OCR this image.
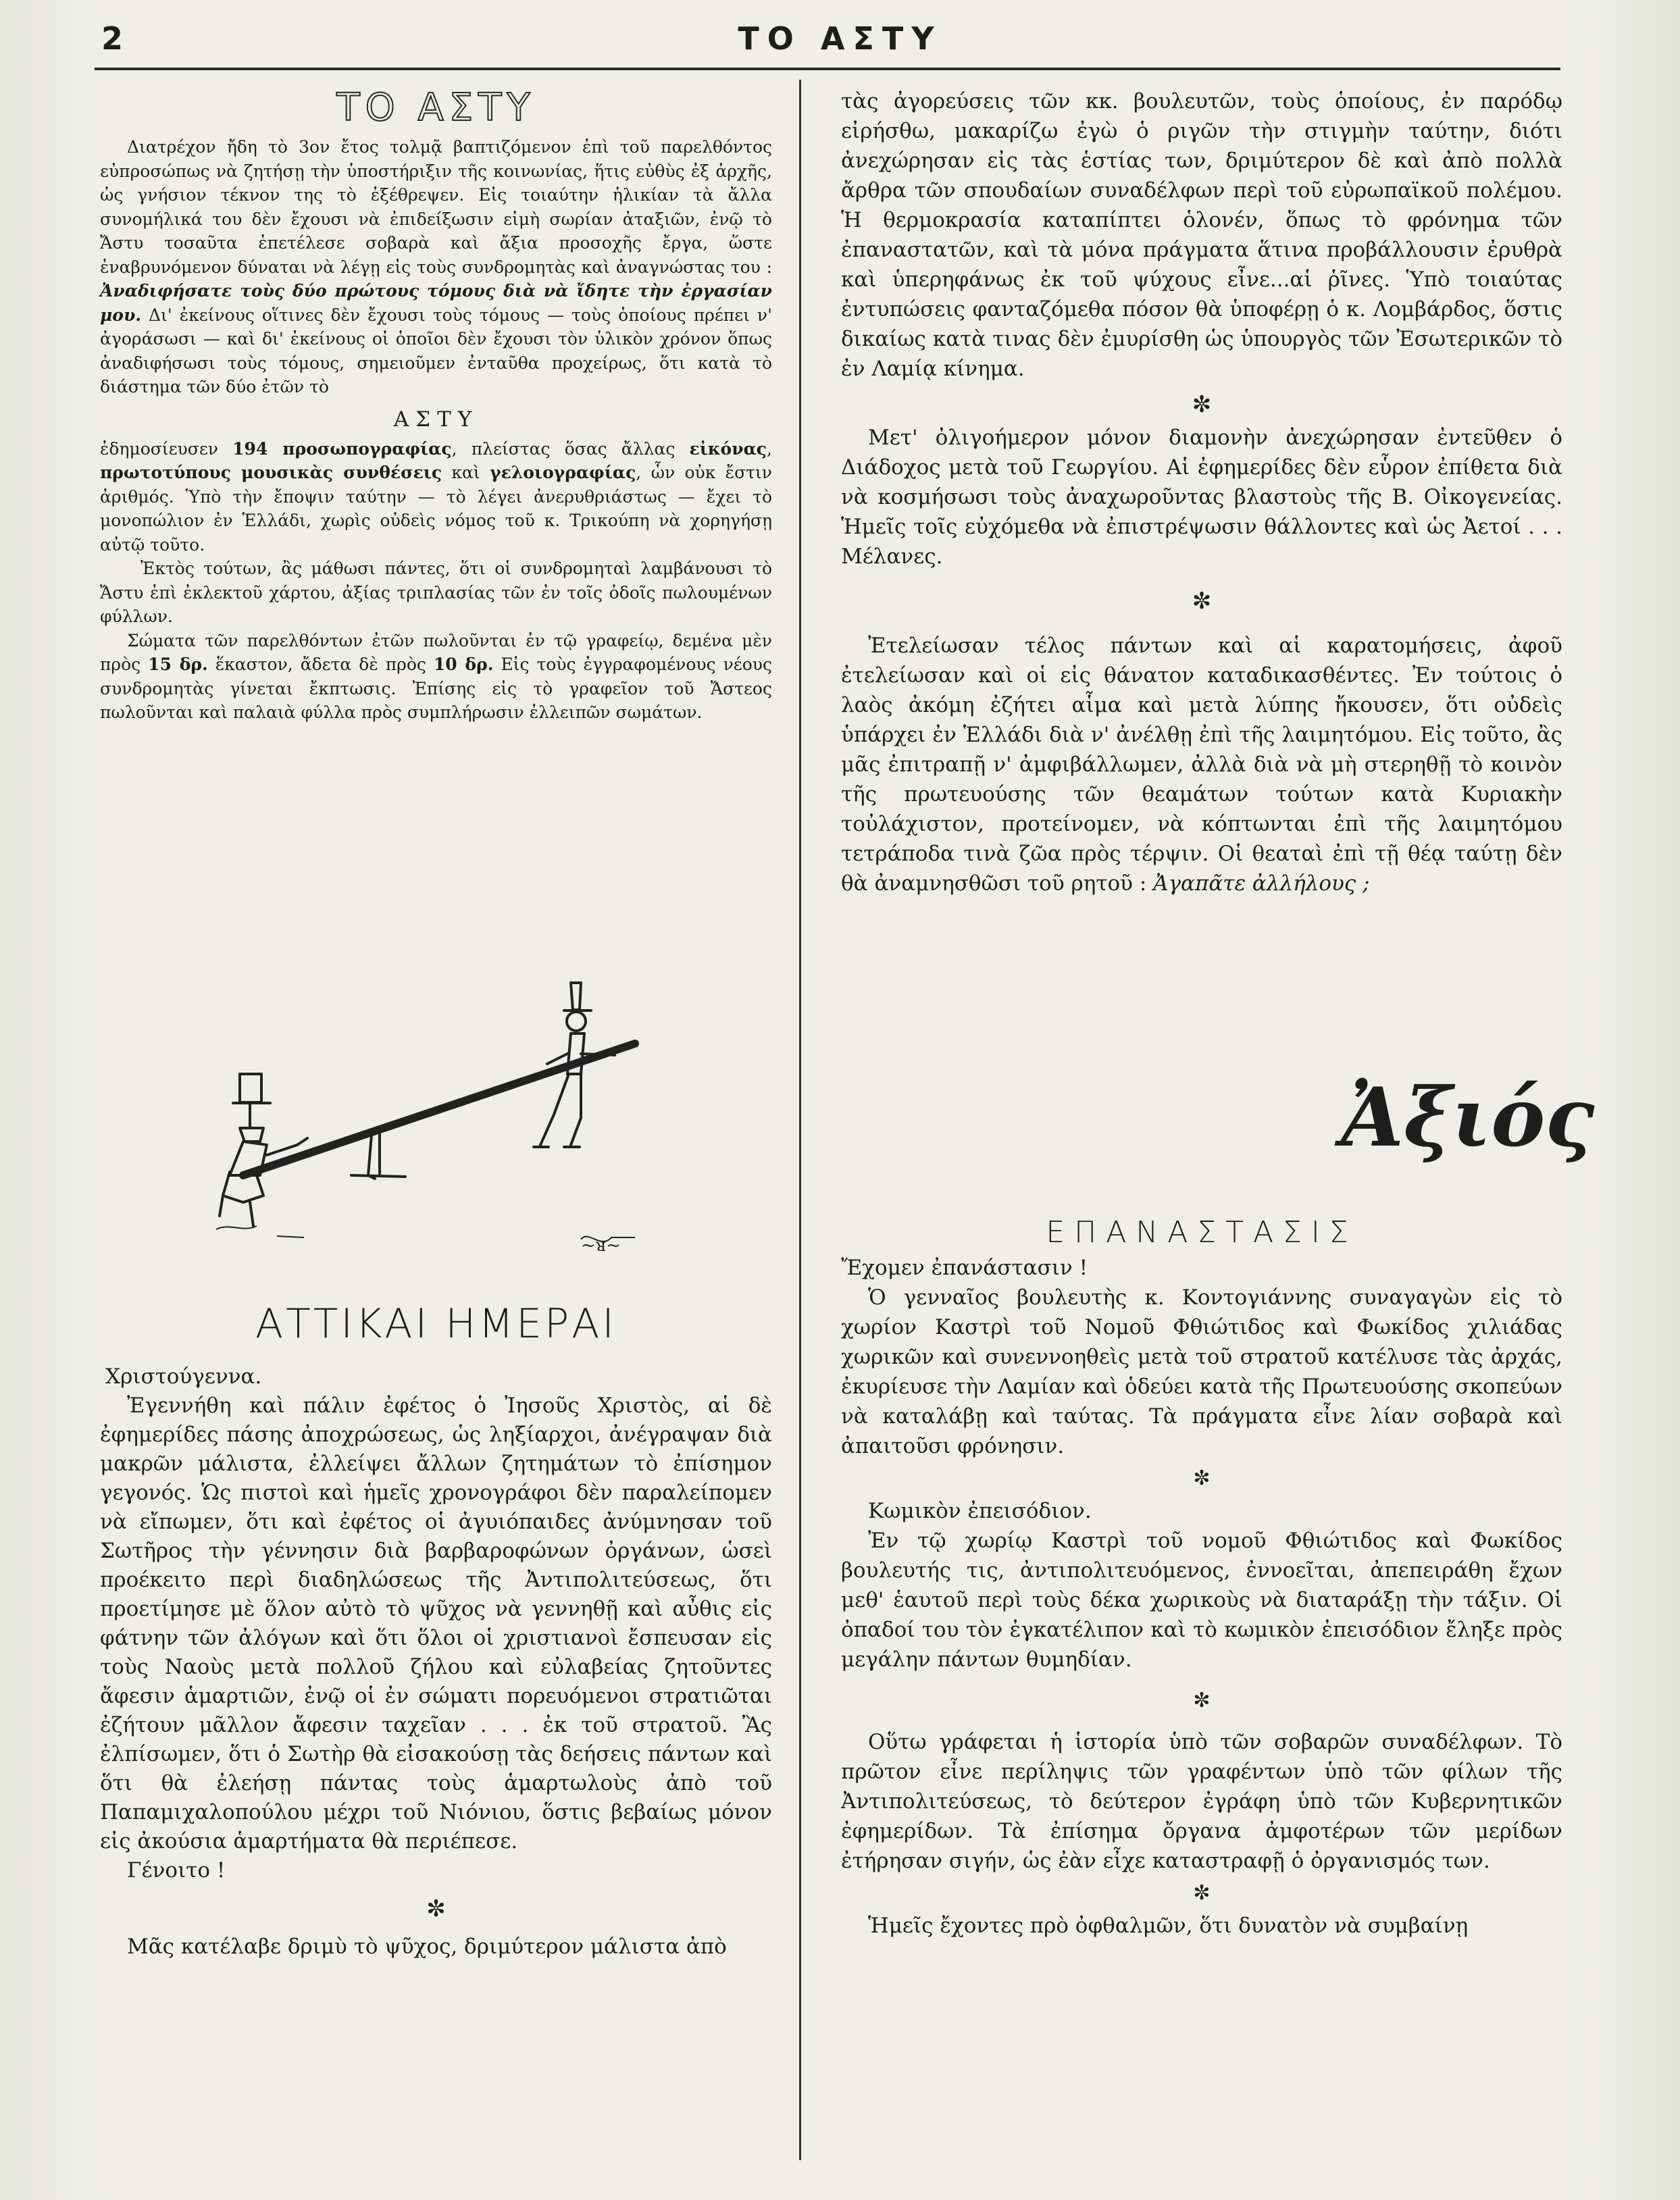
2	ΤΟ ΑΣΤΥ
ΤΟ ΑΣΤΥ

Διατρέχον ἤδη τὸ 3ον ἔτος τολμᾷ βαπτιζόμενον ἐπὶ τοῦ παρελθόντος εὐπροσώπως νὰ ζητήσῃ τὴν ὑποστήριξιν τῆς κοινωνίας, ἥτις εὐθὺς ἐξ ἀρχῆς, ὡς γνήσιον τέκνον της τὸ ἐξέθρεψεν. Εἰς τοιαύτην ἡλικίαν τὰ ἄλλα συνομήλικά του δὲν ἔχουσι νὰ ἐπιδείξωσιν εἰμὴ σωρίαν ἀταξιῶν, ἐνῷ τὸ Ἄστυ τοσαῦτα ἐπετέλεσε σοβαρὰ καὶ ἄξια προσοχῆς ἔργα, ὥστε ἐναβρυνόμενον δύναται νὰ λέγῃ εἰς τοὺς συνδρομητὰς καὶ ἀναγνώστας του : Ἀναδιφήσατε τοὺς δύο πρώτους τόμους διὰ νὰ ἴδητε τὴν ἐργασίαν μου. Δι' ἐκείνους οἵτινες δὲν ἔχουσι τοὺς τόμους — τοὺς ὁποίους πρέπει ν' ἀγοράσωσι — καὶ δι' ἐκείνους οἱ ὁποῖοι δὲν ἔχουσι τὸν ὑλικὸν χρόνον ὅπως ἀναδιφήσωσι τοὺς τόμους, σημειοῦμεν ἐνταῦθα προχείρως, ὅτι κατὰ τὸ διάστημα τῶν δύο ἐτῶν τὸ

ΑΣΤΥ

ἐδημοσίευσεν 194 προσωπογραφίας, πλείστας ὅσας ἄλλας εἰκόνας, πρωτοτύπους μουσικὰς συνθέσεις καὶ γελοιογραφίας, ὧν οὐκ ἔστιν ἀριθμός. Ὑπὸ τὴν ἔποψιν ταύτην — τὸ λέγει ἀνερυθριάστως — ἔχει τὸ μονοπώλιον ἐν Ἑλλάδι, χωρὶς οὐδεὶς νόμος τοῦ κ. Τρικούπη νὰ χορηγήσῃ αὐτῷ τοῦτο.

Ἐκτὸς τούτων, ἂς μάθωσι πάντες, ὅτι οἱ συνδρομηταὶ λαμβάνουσι τὸ Ἄστυ ἐπὶ ἐκλεκτοῦ χάρτου, ἀξίας τριπλασίας τῶν ἐν τοῖς ὁδοῖς πωλουμένων φύλλων.

Σώματα τῶν παρελθόντων ἐτῶν πωλοῦνται ἐν τῷ γραφείῳ, δεμένα μὲν πρὸς 15 δρ. ἕκαστον, ἄδετα δὲ πρὸς 10 δρ. Εἰς τοὺς ἐγγραφομένους νέους συνδρομητὰς γίνεται ἔκπτωσις. Ἐπίσης εἰς τὸ γραφεῖον τοῦ Ἄστεος πωλοῦνται καὶ παλαιὰ φύλλα πρὸς συμπλήρωσιν ἐλλειπῶν σωμάτων.

~ᴚ~
ΑΤΤΙΚΑΙ ΗΜΕΡΑΙ

Χριστούγεννα.

Ἐγεννήθη καὶ πάλιν ἐφέτος ὁ Ἰησοῦς Χριστὸς, αἱ δὲ ἐφημερίδες πάσης ἀποχρώσεως, ὡς ληξίαρχοι, ἀνέγραψαν διὰ μακρῶν μάλιστα, ἐλλείψει ἄλλων ζητημάτων τὸ ἐπίσημον γεγονός. Ὡς πιστοὶ καὶ ἡμεῖς χρονογράφοι δὲν παραλείπομεν νὰ εἴπωμεν, ὅτι καὶ ἐφέτος οἱ ἀγυιόπαιδες ἀνύμνησαν τοῦ Σωτῆρος τὴν γέννησιν διὰ βαρβαροφώνων ὀργάνων, ὡσεὶ προέκειτο περὶ διαδηλώσεως τῆς Ἀντιπολιτεύσεως, ὅτι προετίμησε μὲ ὅλον αὐτὸ τὸ ψῦχος νὰ γεννηθῇ καὶ αὖθις εἰς φάτνην τῶν ἀλόγων καὶ ὅτι ὅλοι οἱ χριστιανοὶ ἔσπευσαν εἰς τοὺς Ναοὺς μετὰ πολλοῦ ζήλου καὶ εὐλαβείας ζητοῦντες ἄφεσιν ἁμαρτιῶν, ἐνῷ οἱ ἐν σώματι πορευόμενοι στρατιῶται ἐζήτουν μᾶλλον ἄφεσιν ταχεῖαν . . . ἐκ τοῦ στρατοῦ. Ἂς ἐλπίσωμεν, ὅτι ὁ Σωτὴρ θὰ εἰσακούσῃ τὰς δεήσεις πάντων καὶ ὅτι θὰ ἐλεήσῃ πάντας τοὺς ἁμαρτωλοὺς ἀπὸ τοῦ Παπαμιχαλοπούλου μέχρι τοῦ Νιόνιου, ὅστις βεβαίως μόνον εἰς ἀκούσια ἁμαρτήματα θὰ περιέπεσε.

Γένοιτο !

✼

Μᾶς κατέλαβε δριμὺ τὸ ψῦχος, δριμύτερον μάλιστα ἀπὸ

τὰς ἀγορεύσεις τῶν κκ. βουλευτῶν, τοὺς ὁποίους, ἐν παρόδῳ εἰρήσθω, μακαρίζω ἐγὼ ὁ ριγῶν τὴν στιγμὴν ταύτην, διότι ἀνεχώρησαν εἰς τὰς ἑστίας των, δριμύτερον δὲ καὶ ἀπὸ πολλὰ ἄρθρα τῶν σπουδαίων συναδέλφων περὶ τοῦ εὐρωπαϊκοῦ πολέμου. Ἡ θερμοκρασία καταπίπτει ὁλονέν, ὅπως τὸ φρόνημα τῶν ἐπαναστατῶν, καὶ τὰ μόνα πράγματα ἅτινα προβάλλουσιν ἐρυθρὰ καὶ ὑπερηφάνως ἐκ τοῦ ψύχους εἶνε...αἱ ῥῖνες. Ὑπὸ τοιαύτας ἐντυπώσεις φανταζόμεθα πόσον θὰ ὑποφέρῃ ὁ κ. Λομβάρδος, ὅστις δικαίως κατὰ τινας δὲν ἐμυρίσθη ὡς ὑπουργὸς τῶν Ἐσωτερικῶν τὸ ἐν Λαμίᾳ κίνημα.

✼

Μετ' ὀλιγοήμερον μόνον διαμονὴν ἀνεχώρησαν ἐντεῦθεν ὁ Διάδοχος μετὰ τοῦ Γεωργίου. Αἱ ἐφημερίδες δὲν εὗρον ἐπίθετα διὰ νὰ κοσμήσωσι τοὺς ἀναχωροῦντας βλαστοὺς τῆς Β. Οἰκογενείας. Ἡμεῖς τοῖς εὐχόμεθα νὰ ἐπιστρέψωσιν θάλλοντες καὶ ὡς Ἀετοί . . . Μέλανες.

✼

Ἐτελείωσαν τέλος πάντων καὶ αἱ καρατομήσεις, ἀφοῦ ἐτελείωσαν καὶ οἱ εἰς θάνατον καταδικασθέντες. Ἐν τούτοις ὁ λαὸς ἀκόμη ἐζήτει αἷμα καὶ μετὰ λύπης ἤκουσεν, ὅτι οὐδεὶς ὑπάρχει ἐν Ἑλλάδι διὰ ν' ἀνέλθῃ ἐπὶ τῆς λαιμητόμου. Εἰς τοῦτο, ἂς μᾶς ἐπιτραπῇ ν' ἀμφιβάλλωμεν, ἀλλὰ διὰ νὰ μὴ στερηθῇ τὸ κοινὸν τῆς πρωτευούσης τῶν θεαμάτων τούτων κατὰ Κυριακὴν τοὐλάχιστον, προτείνομεν, νὰ κόπτωνται ἐπὶ τῆς λαιμητόμου τετράποδα τινὰ ζῶα πρὸς τέρψιν. Οἱ θεαταὶ ἐπὶ τῇ θέᾳ ταύτῃ δὲν θὰ ἀναμνησθῶσι τοῦ ρητοῦ : Ἀγαπᾶτε ἀλλήλους ;

Ἀξιός
ΕΠΑΝΑΣΤΑΣΙΣ

Ἔχομεν ἐπανάστασιν !

Ὁ γενναῖος βουλευτὴς κ. Κοντογιάννης συναγαγὼν εἰς τὸ χωρίον Καστρὶ τοῦ Νομοῦ Φθιώτιδος καὶ Φωκίδος χιλιάδας χωρικῶν καὶ συνεννοηθεὶς μετὰ τοῦ στρατοῦ κατέλυσε τὰς ἀρχάς, ἐκυρίευσε τὴν Λαμίαν καὶ ὁδεύει κατὰ τῆς Πρωτευούσης σκοπεύων νὰ καταλάβῃ καὶ ταύτας. Τὰ πράγματα εἶνε λίαν σοβαρὰ καὶ ἀπαιτοῦσι φρόνησιν.

✼

Κωμικὸν ἐπεισόδιον.

Ἐν τῷ χωρίῳ Καστρὶ τοῦ νομοῦ Φθιώτιδος καὶ Φωκίδος βουλευτής τις, ἀντιπολιτευόμενος, ἐννοεῖται, ἀπεπειράθη ἔχων μεθ' ἑαυτοῦ περὶ τοὺς δέκα χωρικοὺς νὰ διαταράξῃ τὴν τάξιν. Οἱ ὀπαδοί του τὸν ἐγκατέλιπον καὶ τὸ κωμικὸν ἐπεισόδιον ἔληξε πρὸς μεγάλην πάντων θυμηδίαν.

✼

Οὕτω γράφεται ἡ ἱστορία ὑπὸ τῶν σοβαρῶν συναδέλφων. Τὸ πρῶτον εἶνε περίληψις τῶν γραφέντων ὑπὸ τῶν φίλων τῆς Ἀντιπολιτεύσεως, τὸ δεύτερον ἐγράφη ὑπὸ τῶν Κυβερνητικῶν ἐφημερίδων. Τὰ ἐπίσημα ὄργανα ἀμφοτέρων τῶν μερίδων ἐτήρησαν σιγήν, ὡς ἐὰν εἶχε καταστραφῇ ὁ ὀργανισμός των.

✼

Ἡμεῖς ἔχοντες πρὸ ὀφθαλμῶν, ὅτι δυνατὸν νὰ συμβαίνῃ
